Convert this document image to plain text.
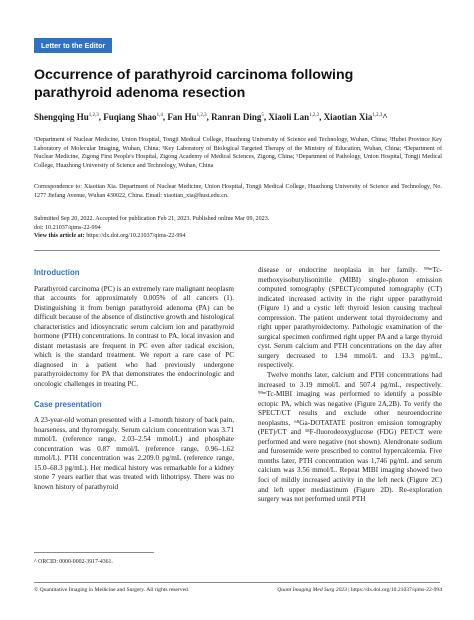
Letter to the Editor
Occurrence of parathyroid carcinoma following parathyroid adenoma resection
Shengqing Hu$^{1,2,3}$, Fuqiang Shao$^{1,4}$, Fan Hu$^{1,2,3}$, Ranran Ding$^5$, Xiaoli Lan$^{1,2,3}$, Xiaotian Xia$^{1,2,3}$^
¹Department of Nuclear Medicine, Union Hospital, Tongji Medical College, Huazhong University of Science and Technology, Wuhan, China; ²Hubei Province Key Laboratory of Molecular Imaging, Wuhan, China; ³Key Laboratory of Biological Targeted Therapy of the Ministry of Education, Wuhan, China; ⁴Department of Nuclear Medicine, Zigong First People's Hospital, Zigong Academy of Medical Sciences, Zigong, China; ⁵Department of Pathology, Union Hospital, Tongji Medical College, Huazhong University of Science and Technology, Wuhan, China
Correspondence to: Xiaotian Xia. Department of Nuclear Medicine, Union Hospital, Tongji Medical College, Huazhong University of Science and Technology, No. 1277 Jiefang Avenue, Wuhan 430022, China. Email: xiaotian_xia@hust.edu.cn.
Submitted Sep 20, 2022. Accepted for publication Feb 21, 2023. Published online Mar 09, 2023.
doi: 10.21037/qims-22-994
View this article at: https://dx.doi.org/10.21037/qims-22-994
Introduction

Parathyroid carcinoma (PC) is an extremely rare malignant neoplasm that accounts for approximately 0.005% of all cancers (1). Distinguishing it from benign parathyroid adenoma (PA) can be difficult because of the absence of distinctive growth and histological characteristics and idiosyncratic serum calcium ion and parathyroid hormone (PTH) concentrations. In contrast to PA, local invasion and distant metastasis are frequent in PC even after radical excision, which is the standard treatment. We report a rare case of PC diagnosed in a patient who had previously undergone parathyroidectomy for PA that demonstrates the endocrinologic and oncologic challenges in treating PC.

Case presentation

A 23-year-old woman presented with a 1-month history of back pain, hoarseness, and thyromegaly. Serum calcium concentration was 3.71 mmol/L (reference range, 2.03–2.54 mmol/L) and phosphate concentration was 0.87 mmol/L (reference range, 0.96–1.62 mmol/L). PTH concentration was 2,209.0 pg/mL (reference range, 15.0–68.3 pg/mL). Her medical history was remarkable for a kidney stone 7 years earlier that was treated with lithotripsy. There was no known history of parathyroid

disease or endocrine neoplasia in her family. ⁹⁹ᵐTc-methoxyisobutylisonitrile (MIBI) single-photon emission computed tomography (SPECT)/computed tomography (CT) indicated increased activity in the right upper parathyroid (Figure 1) and a cystic left thyroid lesion causing tracheal compression. The patient underwent total thyroidectomy and right upper parathyroidectomy. Pathologic examination of the surgical specimen confirmed right upper PA and a large thyroid cyst. Serum calcium and PTH concentrations on the day after surgery decreased to 1.94 mmol/L and 13.3 pg/mL, respectively.

Twelve months later, calcium and PTH concentrations had increased to 3.19 mmol/L and 507.4 pg/mL, respectively. ⁹⁹ᵐTc-MIBI imaging was performed to identify a possible ectopic PA, which was negative (Figure 2A,2B). To verify the SPECT/CT results and exclude other neuroendocrine neoplasms, ⁶⁸Ga-DOTATATE positron emission tomography (PET)/CT and ¹⁸F-fluorodeoxyglucose (FDG) PET/CT were performed and were negative (not shown). Alendronate sodium and furosemide were prescribed to control hypercalcemia. Five months later, PTH concentration was 1,746 pg/mL and serum calcium was 3.56 mmol/L. Repeat MIBI imaging showed two foci of mildly increased activity in the left neck (Figure 2C) and left upper mediastinum (Figure 2D). Re-exploration surgery was not performed until PTH

^ ORCID: 0000-0002-3917-4361.
© Quantitative Imaging in Medicine and Surgery. All rights reserved.	Quant Imaging Med Surg 2023 | https://dx.doi.org/10.21037/qims-22-994
